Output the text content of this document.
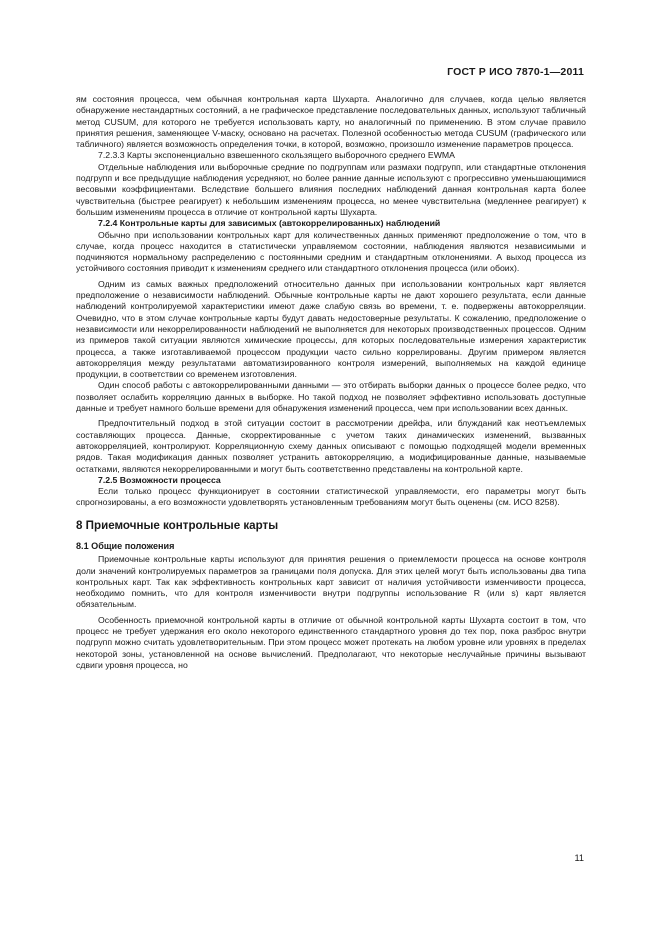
ГОСТ Р ИСО 7870-1—2011

ям состояния процесса, чем обычная контрольная карта Шухарта. Аналогично для случаев, когда целью является обнаружение нестандартных состояний, а не графическое представление последовательных данных, используют табличный метод CUSUM, для которого не требуется использовать карту, но аналогичный по применению. В этом случае правило принятия решения, заменяющее V-маску, основано на расчетах. Полезной особенностью метода CUSUM (графического или табличного) является возможность определения точки, в которой, возможно, произошло изменение параметров процесса.

7.2.3.3 Карты экспоненциально взвешенного скользящего выборочного среднего EWMA

Отдельные наблюдения или выборочные средние по подгруппам или размахи подгрупп, или стандартные отклонения подгрупп и все предыдущие наблюдения усредняют, но более ранние данные используют с прогрессивно уменьшающимися весовыми коэффициентами. Вследствие большего влияния последних наблюдений данная контрольная карта более чувствительна (быстрее реагирует) к небольшим изменениям процесса, но менее чувствительна (медленнее реагирует) к большим изменениям процесса в отличие от контрольной карты Шухарта.

7.2.4 Контрольные карты для зависимых (автокоррелированных) наблюдений

Обычно при использовании контрольных карт для количественных данных применяют предположение о том, что в случае, когда процесс находится в статистически управляемом состоянии, наблюдения являются независимыми и подчиняются нормальному распределению с постоянными средним и стандартным отклонениями. А выход процесса из устойчивого состояния приводит к изменениям среднего или стандартного отклонения процесса (или обоих).

Одним из самых важных предположений относительно данных при использовании контрольных карт является предположение о независимости наблюдений. Обычные контрольные карты не дают хорошего результата, если данные наблюдений контролируемой характеристики имеют даже слабую связь во времени, т. е. подвержены автокорреляции. Очевидно, что в этом случае контрольные карты будут давать недостоверные результаты. К сожалению, предположение о независимости или некоррелированности наблюдений не выполняется для некоторых производственных процессов. Одним из примеров такой ситуации являются химические процессы, для которых последовательные измерения характеристик процесса, а также изготавливаемой процессом продукции часто сильно коррелированы. Другим примером является автокорреляция между результатами автоматизированного контроля измерений, выполняемых на каждой единице продукции, в соответствии со временем изготовления.

Один способ работы с автокоррелированными данными — это отбирать выборки данных о процессе более редко, что позволяет ослабить корреляцию данных в выборке. Но такой подход не позволяет эффективно использовать доступные данные и требует намного больше времени для обнаружения изменений процесса, чем при использовании всех данных.

Предпочтительный подход в этой ситуации состоит в рассмотрении дрейфа, или блужданий как неотъемлемых составляющих процесса. Данные, скорректированные с учетом таких динамических изменений, вызванных автокорреляцией, контролируют. Корреляционную схему данных описывают с помощью подходящей модели временных рядов. Такая модификация данных позволяет устранить автокорреляцию, а модифицированные данные, называемые остатками, являются некоррелированными и могут быть соответственно представлены на контрольной карте.

7.2.5 Возможности процесса

Если только процесс функционирует в состоянии статистической управляемости, его параметры могут быть спрогнозированы, а его возможности удовлетворять установленным требованиям могут быть оценены (см. ИСО 8258).

8 Приемочные контрольные карты
8.1 Общие положения

Приемочные контрольные карты используют для принятия решения о приемлемости процесса на основе контроля доли значений контролируемых параметров за границами поля допуска. Для этих целей могут быть использованы два типа контрольных карт. Так как эффективность контрольных карт зависит от наличия устойчивости изменчивости процесса, необходимо помнить, что для контроля изменчивости внутри подгруппы использование R (или s) карт является обязательным.

Особенность приемочной контрольной карты в отличие от обычной контрольной карты Шухарта состоит в том, что процесс не требует удержания его около некоторого единственного стандартного уровня до тех пор, пока разброс внутри подгрупп можно считать удовлетворительным. При этом процесс может протекать на любом уровне или уровнях в пределах некоторой зоны, установленной на основе вычислений. Предполагают, что некоторые неслучайные причины вызывают сдвиги уровня процесса, но

11
